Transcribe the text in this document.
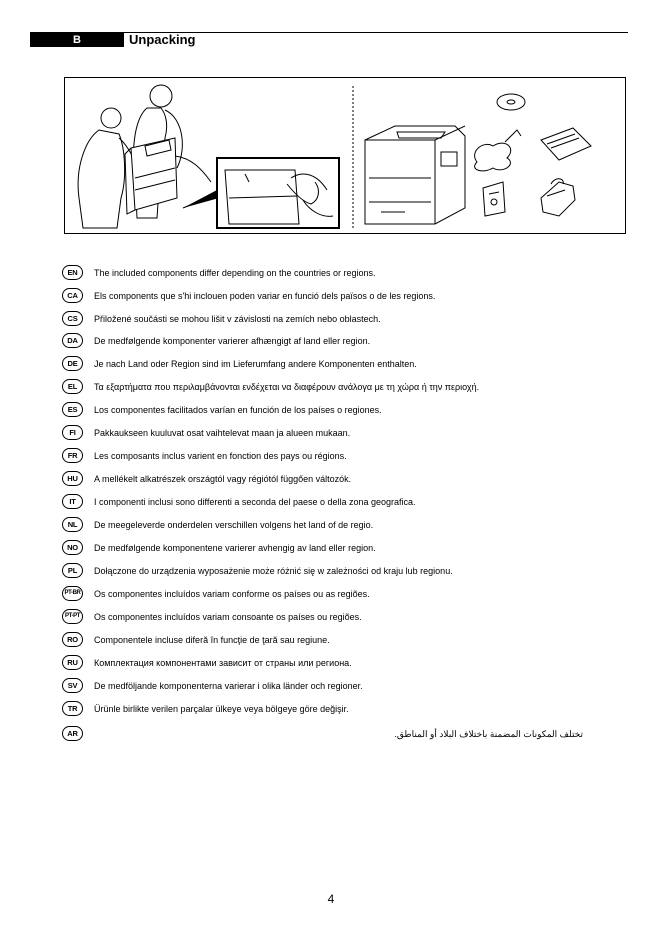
B	Unpacking
EN	The included components differ depending on the countries or regions.
CA	Els components que s'hi inclouen poden variar en funció dels països o de les regions.
CS	Přiložené součásti se mohou lišit v závislosti na zemích nebo oblastech.
DA	De medfølgende komponenter varierer afhængigt af land eller region.
DE	Je nach Land oder Region sind im Lieferumfang andere Komponenten enthalten.
EL	Τα εξαρτήματα που περιλαμβάνονται ενδέχεται να διαφέρουν ανάλογα με τη χώρα ή την περιοχή.
ES	Los componentes facilitados varían en función de los países o regiones.
FI	Pakkaukseen kuuluvat osat vaihtelevat maan ja alueen mukaan.
FR	Les composants inclus varient en fonction des pays ou régions.
HU	A mellékelt alkatrészek országtól vagy régiótól függően változók.
IT	I componenti inclusi sono differenti a seconda del paese o della zona geografica.
NL	De meegeleverde onderdelen verschillen volgens het land of de regio.
NO	De medfølgende komponentene varierer avhengig av land eller region.
PL	Dołączone do urządzenia wyposażenie może różnić się w zależności od kraju lub regionu.
PT-BR Os componentes incluídos variam conforme os países ou as regiões.
PT-PT	Os componentes incluídos variam consoante os países ou regiões.
RO	Componentele incluse diferă în funcţie de ţară sau regiune.
RU	Комплектация компонентами зависит от страны или региона.
SV	De medföljande komponenterna varierar i olika länder och regioner.
TR	Ürünle birlikte verilen parçalar ülkeye veya bölgeye göre değişir.
AR	تختلف المكونات المضمنة باختلاف البلاد أو المناطق.
4
